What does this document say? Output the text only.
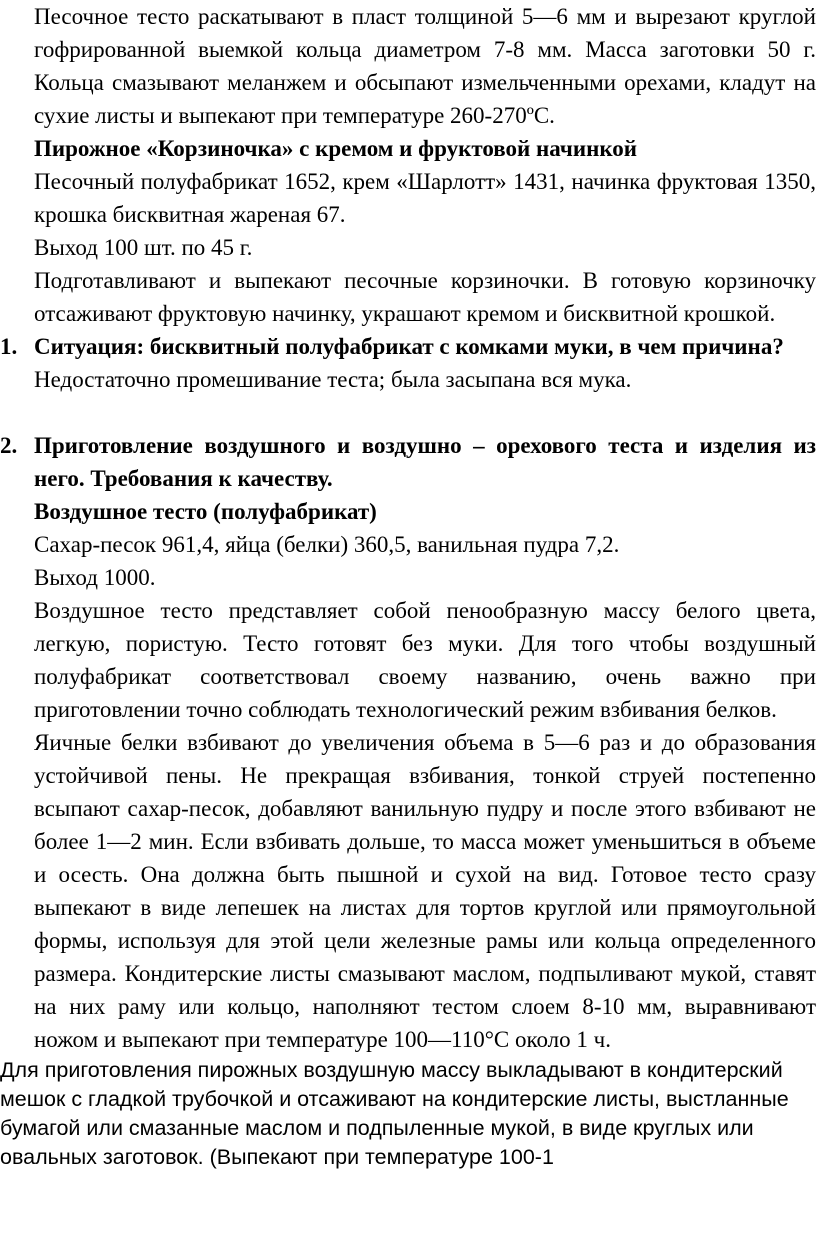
Песочное тесто раскатывают в пласт толщиной 5—6 мм и вырезают круглой гофрированной выемкой кольца диаметром 7-8 мм. Масса заготовки 50 г. Кольца смазывают меланжем и обсыпают измельченными орехами, кладут на сухие листы и выпекают при температуре 260-270ºС.

Пирожное «Корзиночка» с кремом и фруктовой начинкой

Песочный полуфабрикат 1652, крем «Шарлотт» 1431, начинка фруктовая 1350, крошка бисквитная жареная 67.

Выход 100 шт. по 45 г.

Подготавливают и выпекают песочные корзиночки. В готовую корзиночку отсаживают фруктовую начинку, украшают кремом и бисквитной крошкой.

1. Ситуация: бисквитный полуфабрикат с комками муки, в чем причина?

Недостаточно промешивание теста; была засыпана вся мука.

2. Приготовление воздушного и воздушно – орехового теста и изделия из него. Требования к качеству.

Воздушное тесто (полуфабрикат)

Сахар-песок 961,4, яйца (белки) 360,5, ванильная пудра 7,2.

Выход 1000.

Воздушное тесто представляет собой пенообразную массу белого цвета, легкую, пористую. Тесто готовят без муки. Для того чтобы воздушный полуфабрикат соответствовал своему названию, очень важно при приготовлении точно соблюдать технологический режим взбивания белков.

Яичные белки взбивают до увеличения объема в 5—6 раз и до образования устойчивой пены. Не прекращая взбивания, тонкой струей постепенно всыпают сахар-песок, добавляют ванильную пудру и после этого взбивают не более 1—2 мин. Если взбивать дольше, то масса может уменьшиться в объеме и осесть. Она должна быть пышной и сухой на вид. Готовое тесто сразу выпекают в виде лепешек на листах для тортов круглой или прямоугольной формы, используя для этой цели железные рамы или кольца определенного размера. Кондитерские листы смазывают маслом, подпыливают мукой, ставят на них раму или кольцо, наполняют тестом слоем 8-10 мм, выравнивают ножом и выпекают при температуре 100—110°С около 1 ч.

Для приготовления пирожных воздушную массу выкладывают в кондитерский мешок с гладкой трубочкой и отсаживают на кондитерские листы, выстланные бумагой или смазанные маслом и подпыленные мукой, в виде круглых или овальных заготовок. (Выпекают при температуре 100-1
